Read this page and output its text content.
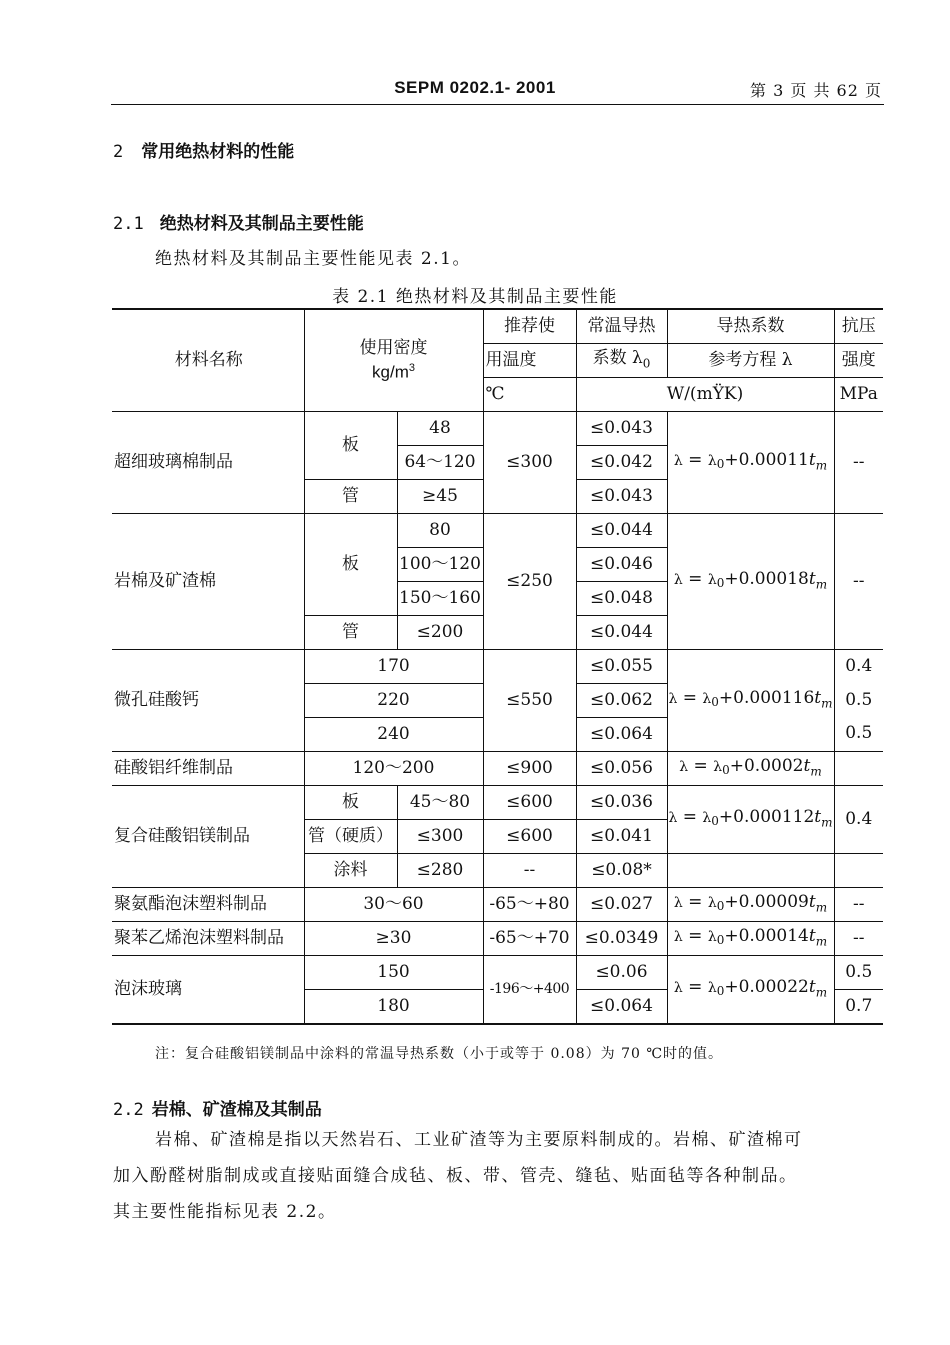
SEPM 0202.1- 2001	第 3 页 共 62 页
2 常用绝热材料的性能
2.1 绝热材料及其制品主要性能
绝热材料及其制品主要性能见表 2.1。
表 2.1 绝热材料及其制品主要性能
材料名称	使用密度
$kg/m^3$		推荐使	常温导热	导热系数	抗压
			用温度	系数 $\lambda_0$	参考方程 λ	强度
			℃	W/(mŸK)		MPa
超细玻璃棉制品	板	48	≤300	≤0.043	$\lambda = \lambda_0+0.00011t_m$	--
		64～120		≤0.042		
	管	≥45		≤0.043		
岩棉及矿渣棉	板	80	≤250	≤0.044	$\lambda = \lambda_0+0.00018t_m$	--
		100～120		≤0.046		
		150～160		≤0.048		
	管	≤200		≤0.044		
微孔硅酸钙	170		≤550	≤0.055	$\lambda = \lambda_0+0.000116t_m$	0.4
	220			≤0.062		0.5
	240			≤0.064		0.5
硅酸铝纤维制品	120～200		≤900	≤0.056	$\lambda = \lambda_0+0.0002t_m$	
复合硅酸铝镁制品	板	45～80	≤600	≤0.036	$\lambda = \lambda_0+0.000112t_m$	0.4
	管（硬质）	≤300	≤600	≤0.041		
	涂料	≤280	--	≤0.08*		
聚氨酯泡沫塑料制品	30～60		-65～+80	≤0.027	$\lambda = \lambda_0+0.00009t_m$	--
聚苯乙烯泡沫塑料制品	≥30		-65～+70	≤0.0349	$\lambda = \lambda_0+0.00014t_m$	--
泡沫玻璃	150		-196～+400	≤0.06	$\lambda = \lambda_0+0.00022t_m$	0.5
	180			≤0.064		0.7
注：复合硅酸铝镁制品中涂料的常温导热系数（小于或等于 0.08）为 70 ℃时的值。
2.2 岩棉、矿渣棉及其制品
岩棉、矿渣棉是指以天然岩石、工业矿渣等为主要原料制成的。岩棉、矿渣棉可
加入酚醛树脂制成或直接贴面缝合成毡、板、带、管壳、缝毡、贴面毡等各种制品。
其主要性能指标见表 2.2。
